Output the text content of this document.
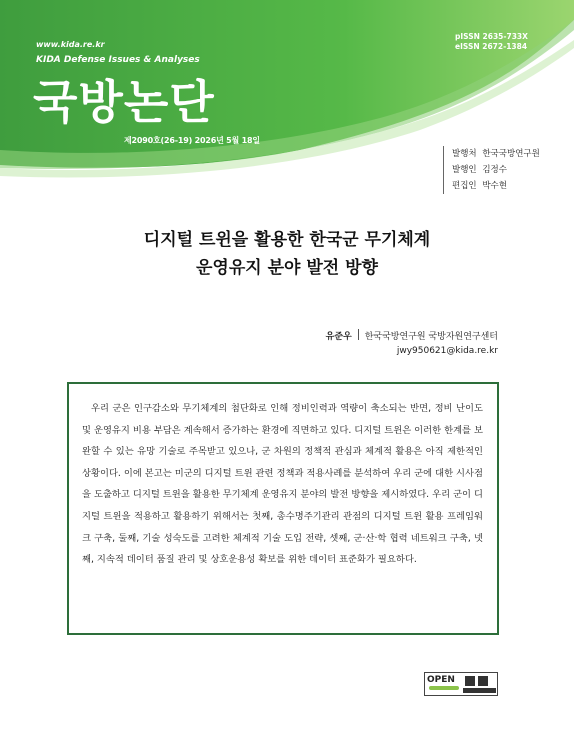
www.kida.re.kr
KIDA Defense Issues & Analyses
국방논단
제2090호(26-19) 2026년 5월 18일
pISSN 2635-733X
eISSN 2672-1384
발행처 한국국방연구원
발행인 김정수
편집인 박수현
디지털 트윈을 활용한 한국군 무기체계
운영유지 분야 발전 방향
유준우 한국국방연구원 국방자원연구센터
jwy950621@kida.re.kr
우리 군은 인구감소와 무기체계의 첨단화로 인해 정비인력과 역량이 축소되는 반면, 정비 난이도 및 운영유지 비용 부담은 계속해서 증가하는 환경에 직면하고 있다. 디지털 트윈은 이러한 한계를 보완할 수 있는 유망 기술로 주목받고 있으나, 군 차원의 정책적 관심과 체계적 활용은 아직 제한적인 상황이다. 이에 본고는 미군의 디지털 트윈 관련 정책과 적용사례를 분석하여 우리 군에 대한 시사점을 도출하고 디지털 트윈을 활용한 무기체계 운영유지 분야의 발전 방향을 제시하였다. 우리 군이 디지털 트윈을 적용하고 활용하기 위해서는 첫째, 총수명주기관리 관점의 디지털 트윈 활용 프레임워크 구축, 둘째, 기술 성숙도를 고려한 체계적 기술 도입 전략, 셋째, 군·산·학 협력 네트워크 구축, 넷째, 지속적 데이터 품질 관리 및 상호운용성 확보를 위한 데이터 표준화가 필요하다.
OPEN
